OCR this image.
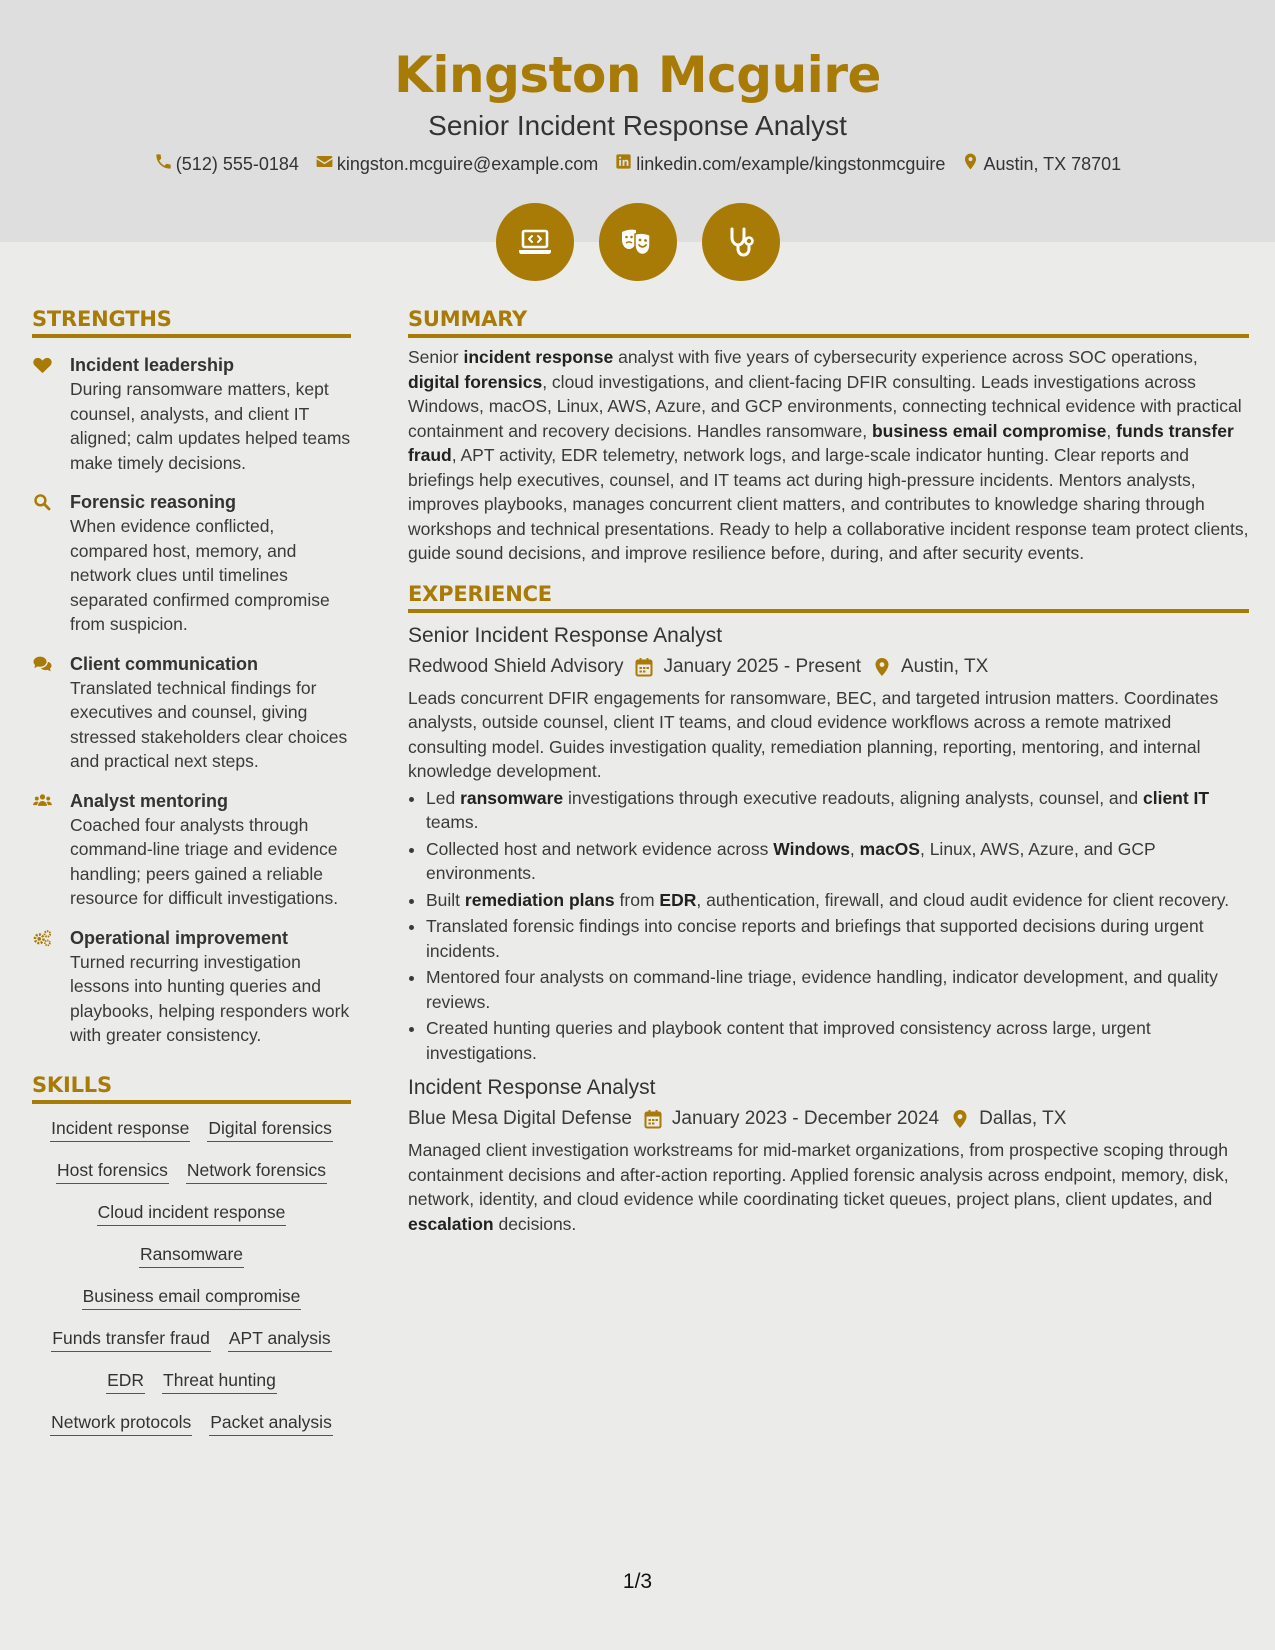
Kingston Mcguire
Senior Incident Response Analyst
(512) 555-0184 kingston.mcguire@example.com linkedin.com/example/kingstonmcguire Austin, TX 78701
STRENGTHS
Incident leadership
During ransomware matters, kept counsel, analysts, and client IT aligned; calm updates helped teams make timely decisions.
Forensic reasoning
When evidence conflicted, compared host, memory, and network clues until timelines separated confirmed compromise from suspicion.
Client communication
Translated technical findings for executives and counsel, giving stressed stakeholders clear choices and practical next steps.
Analyst mentoring
Coached four analysts through command-line triage and evidence handling; peers gained a reliable resource for difficult investigations.
Operational improvement
Turned recurring investigation lessons into hunting queries and playbooks, helping responders work with greater consistency.
SKILLS
Incident response Digital forensics
Host forensics Network forensics
Cloud incident response
Ransomware
Business email compromise
Funds transfer fraud APT analysis
EDR Threat hunting
Network protocols Packet analysis
SUMMARY
Senior incident response analyst with five years of cybersecurity experience across SOC operations, digital forensics, cloud investigations, and client-facing DFIR consulting. Leads investigations across Windows, macOS, Linux, AWS, Azure, and GCP environments, connecting technical evidence with practical containment and recovery decisions. Handles ransomware, business email compromise, funds transfer fraud, APT activity, EDR telemetry, network logs, and large-scale indicator hunting. Clear reports and briefings help executives, counsel, and IT teams act during high-pressure incidents. Mentors analysts, improves playbooks, manages concurrent client matters, and contributes to knowledge sharing through workshops and technical presentations. Ready to help a collaborative incident response team protect clients, guide sound decisions, and improve resilience before, during, and after security events.
EXPERIENCE
Senior Incident Response Analyst
Redwood Shield Advisory January 2025 - Present Austin, TX
Leads concurrent DFIR engagements for ransomware, BEC, and targeted intrusion matters. Coordinates analysts, outside counsel, client IT teams, and cloud evidence workflows across a remote matrixed consulting model. Guides investigation quality, remediation planning, reporting, mentoring, and internal knowledge development.
• Led ransomware investigations through executive readouts, aligning analysts, counsel, and client IT teams.
• Collected host and network evidence across Windows, macOS, Linux, AWS, Azure, and GCP environments.
• Built remediation plans from EDR, authentication, firewall, and cloud audit evidence for client recovery.
• Translated forensic findings into concise reports and briefings that supported decisions during urgent incidents.
• Mentored four analysts on command-line triage, evidence handling, indicator development, and quality reviews.
• Created hunting queries and playbook content that improved consistency across large, urgent investigations.
Incident Response Analyst
Blue Mesa Digital Defense January 2023 - December 2024 Dallas, TX
Managed client investigation workstreams for mid-market organizations, from prospective scoping through containment decisions and after-action reporting. Applied forensic analysis across endpoint, memory, disk, network, identity, and cloud evidence while coordinating ticket queues, project plans, client updates, and escalation decisions.
1/3
